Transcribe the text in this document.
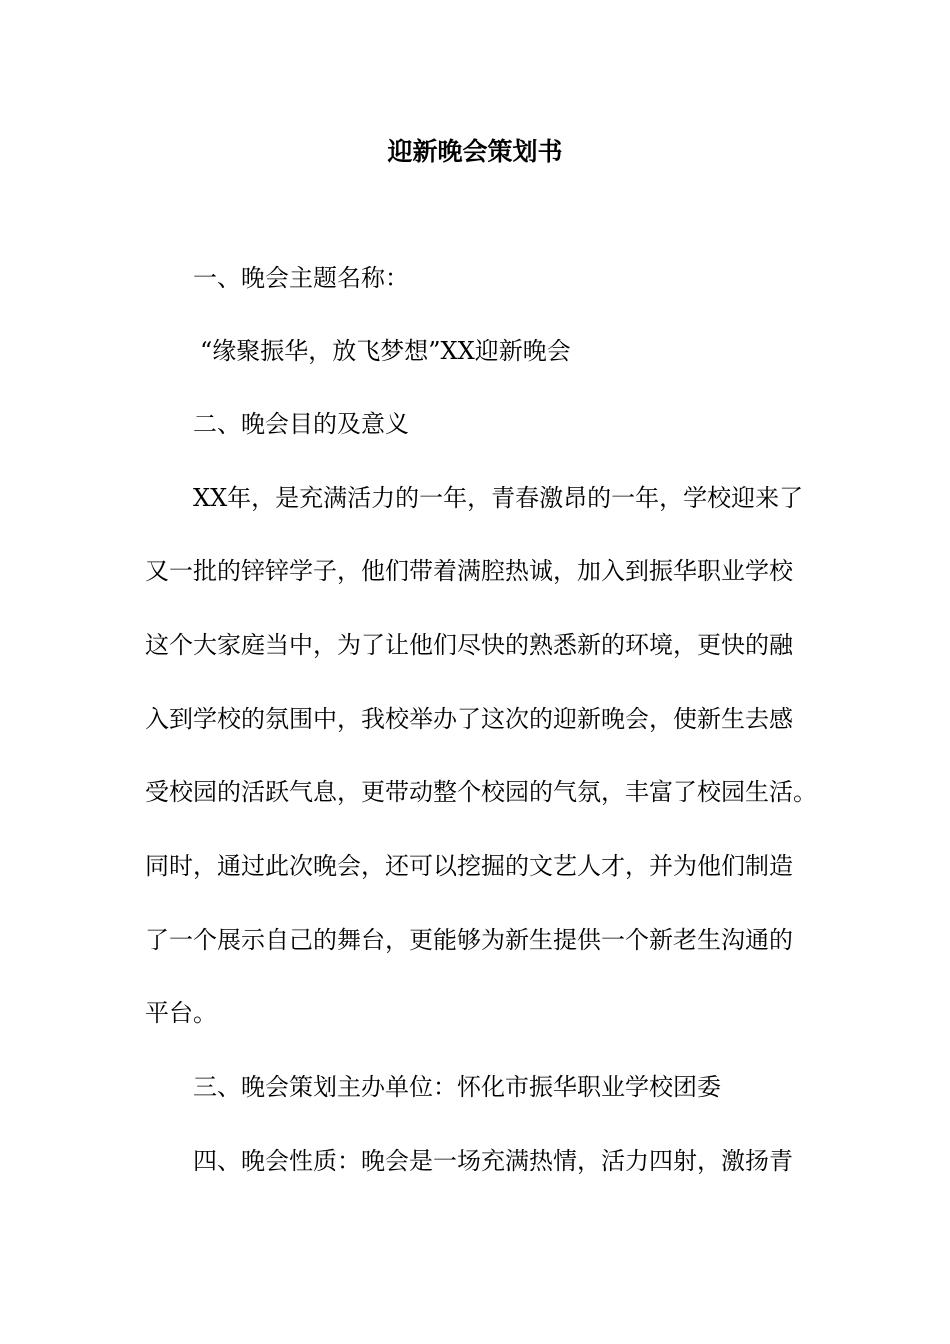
迎新晚会策划书
一、晚会主题名称：
“缘聚振华，放飞梦想”XX迎新晚会
二、晚会目的及意义
XX年，是充满活力的一年，青春激昂的一年，学校迎来了
又一批的锌锌学子，他们带着满腔热诚，加入到振华职业学校
这个大家庭当中，为了让他们尽快的熟悉新的环境，更快的融
入到学校的氛围中，我校举办了这次的迎新晚会，使新生去感
受校园的活跃气息，更带动整个校园的气氛，丰富了校园生活。
同时，通过此次晚会，还可以挖掘的文艺人才，并为他们制造
了一个展示自己的舞台，更能够为新生提供一个新老生沟通的
平台。
三、晚会策划主办单位：怀化市振华职业学校团委
四、晚会性质：晚会是一场充满热情，活力四射，激扬青
